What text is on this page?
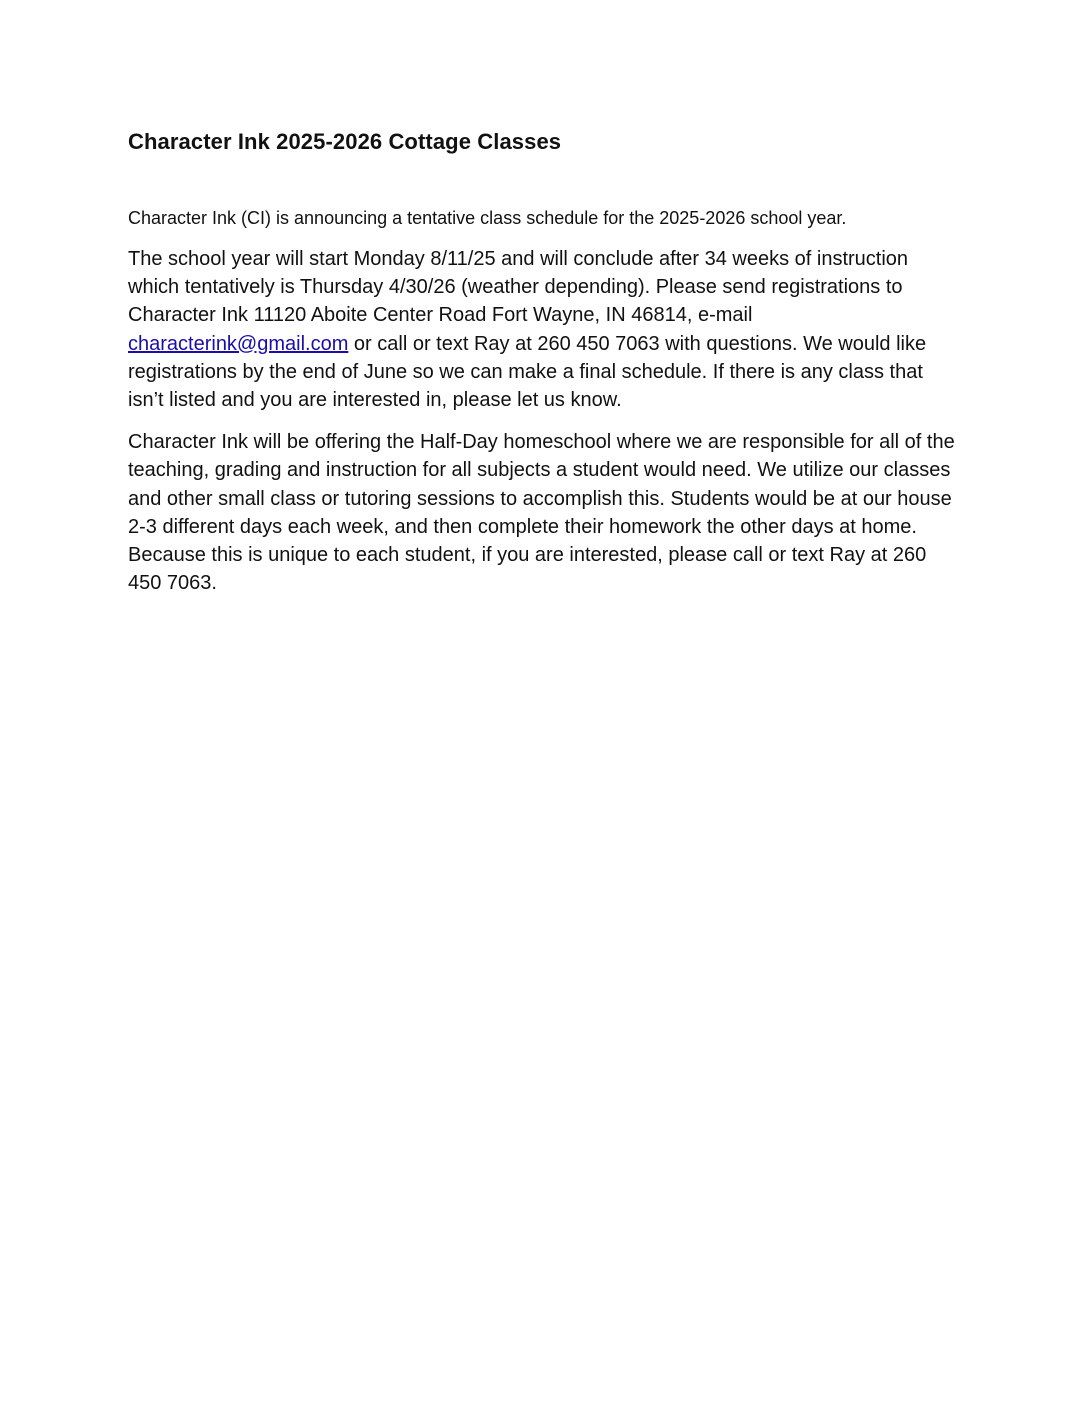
Character Ink 2025-2026 Cottage Classes

Character Ink (CI) is announcing a tentative class schedule for the 2025-2026 school year.

The school year will start Monday 8/11/25 and will conclude after 34 weeks of instruction which tentatively is Thursday 4/30/26 (weather depending). Please send registrations to Character Ink 11120 Aboite Center Road Fort Wayne, IN 46814, e-mail characterink@gmail.com or call or text Ray at 260 450 7063 with questions. We would like registrations by the end of June so we can make a final schedule. If there is any class that isn’t listed and you are interested in, please let us know.

Character Ink will be offering the Half-Day homeschool where we are responsible for all of the teaching, grading and instruction for all subjects a student would need. We utilize our classes and other small class or tutoring sessions to accomplish this. Students would be at our house 2-3 different days each week, and then complete their homework the other days at home. Because this is unique to each student, if you are interested, please call or text Ray at 260 450 7063.
